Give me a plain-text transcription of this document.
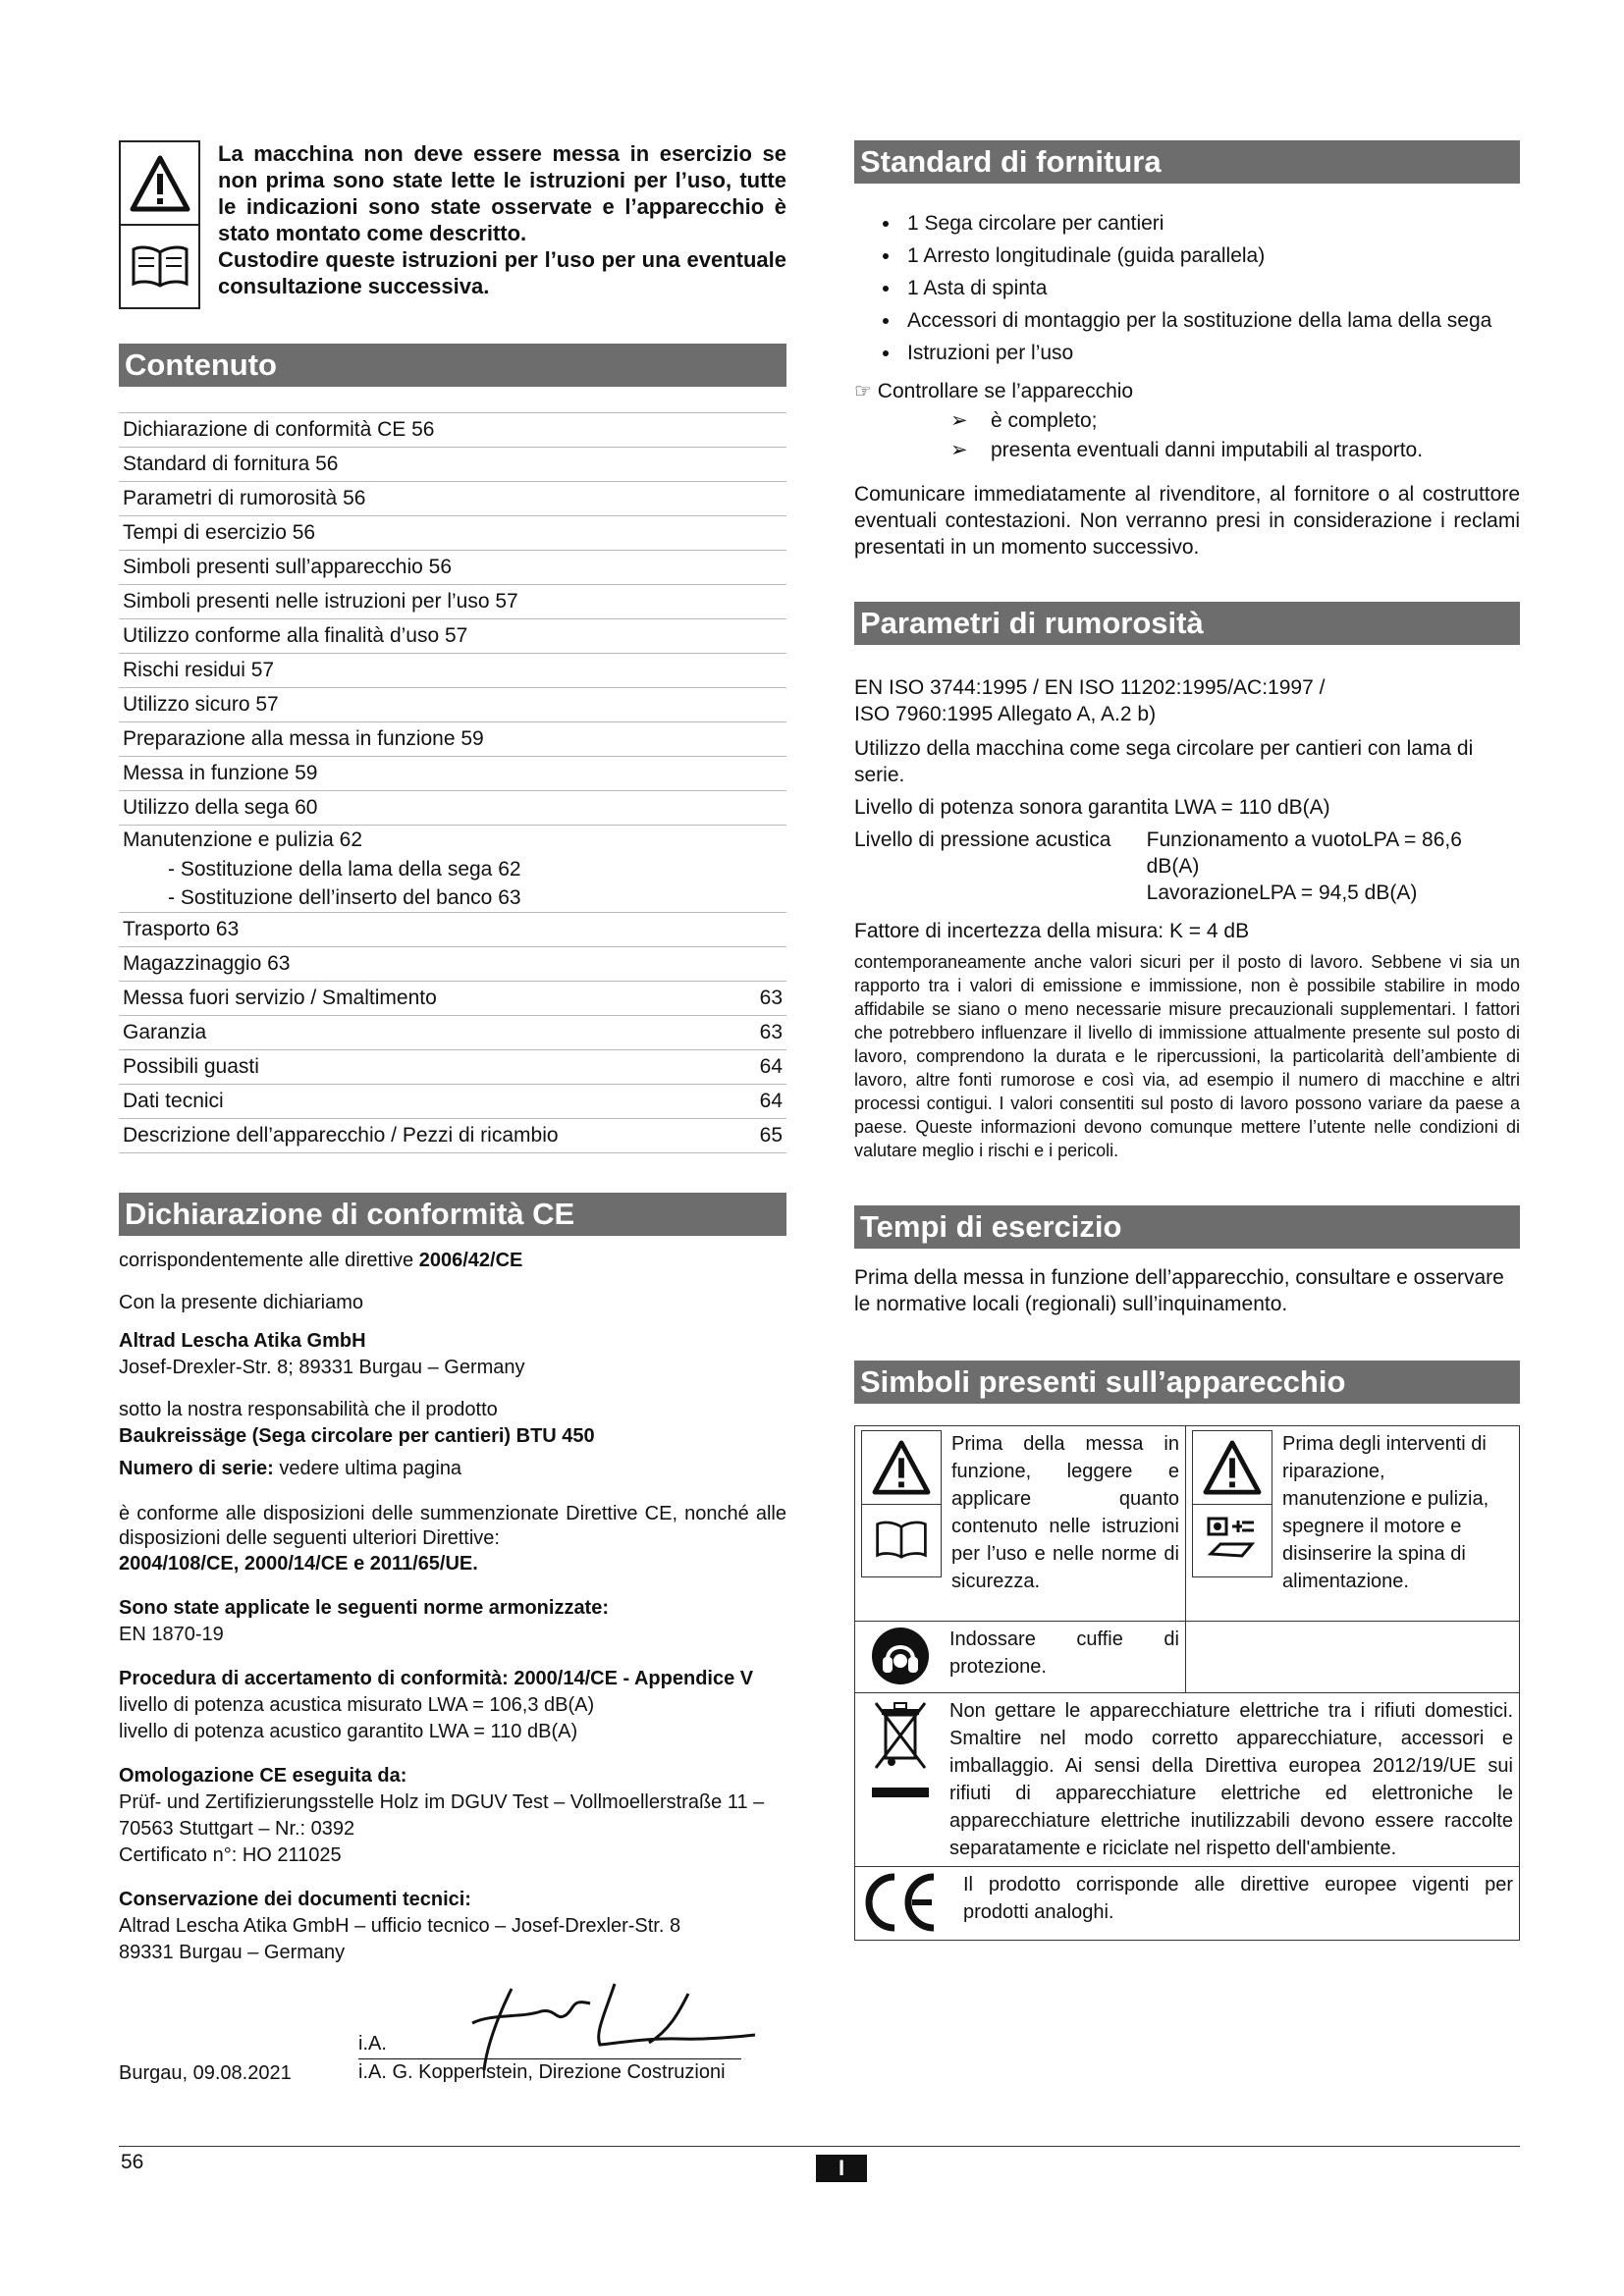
La macchina non deve essere messa in esercizio se non prima sono state lette le istruzioni per l’uso, tutte le indicazioni sono state osservate e l’apparecchio è stato montato come descritto.

Custodire queste istruzioni per l’uso per una eventuale consultazione successiva.

Contenuto
Dichiarazione di conformità CE 56
Standard di fornitura 56
Parametri di rumorosità 56
Tempi di esercizio 56
Simboli presenti sull’apparecchio 56
Simboli presenti nelle istruzioni per l’uso 57
Utilizzo conforme alla finalità d’uso 57
Rischi residui 57
Utilizzo sicuro 57
Preparazione alla messa in funzione 59
Messa in funzione 59
Utilizzo della sega 60
Manutenzione e pulizia 62
- Sostituzione della lama della sega 62
- Sostituzione dell’inserto del banco 63
Trasporto 63
Magazzinaggio 63
Messa fuori servizio / Smaltimento	63
Garanzia	63
Possibili guasti	64
Dati tecnici	64
Descrizione dell’apparecchio / Pezzi di ricambio	65
Dichiarazione di conformità CE

corrispondentemente alle direttive 2006/42/CE

Con la presente dichiariamo

Altrad Lescha Atika GmbH

Josef-Drexler-Str. 8; 89331 Burgau – Germany

sotto la nostra responsabilità che il prodotto

Baukreissäge (Sega circolare per cantieri) BTU 450

Numero di serie: vedere ultima pagina

è conforme alle disposizioni delle summenzionate Direttive CE, nonché alle disposizioni delle seguenti ulteriori Direttive:

2004/108/CE, 2000/14/CE e 2011/65/UE.

Sono state applicate le seguenti norme armonizzate:

EN 1870-19

Procedura di accertamento di conformità: 2000/14/CE - Appendice V

livello di potenza acustica misurato LWA = 106,3 dB(A)

livello di potenza acustico garantito LWA = 110 dB(A)

Omologazione CE eseguita da:

Prüf- und Zertifizierungsstelle Holz im DGUV Test – Vollmoellerstraße 11 –

70563 Stuttgart – Nr.: 0392

Certificato n°: HO 211025

Conservazione dei documenti tecnici:

Altrad Lescha Atika GmbH – ufficio tecnico – Josef-Drexler-Str. 8

89331 Burgau – Germany

i.A.
Burgau, 09.08.2021	i.A. G. Koppenstein, Direzione Costruzioni
Standard di fornitura
• 1 Sega circolare per cantieri
• 1 Arresto longitudinale (guida parallela)
• 1 Asta di spinta
• Accessori di montaggio per la sostituzione della lama della sega
• Istruzioni per l’uso

☞ Controllare se l’apparecchio

➢ è completo;

➢ presenta eventuali danni imputabili al trasporto.

Comunicare immediatamente al rivenditore, al fornitore o al costruttore eventuali contestazioni. Non verranno presi in considerazione i reclami presentati in un momento successivo.

Parametri di rumorosità

EN ISO 3744:1995 / EN ISO 11202:1995/AC:1997 /

ISO 7960:1995 Allegato A, A.2 b)

Utilizzo della macchina come sega circolare per cantieri con lama di serie.

Livello di potenza sonora garantita LWA = 110 dB(A)

Livello di pressione acustica	Funzionamento a vuotoLPA = 86,6 dB(A)
LavorazioneLPA = 94,5 dB(A)

Fattore di incertezza della misura: K = 4 dB

contemporaneamente anche valori sicuri per il posto di lavoro. Sebbene vi sia un rapporto tra i valori di emissione e immissione, non è possibile stabilire in modo affidabile se siano o meno necessarie misure precauzionali supplementari. I fattori che potrebbero influenzare il livello di immissione attualmente presente sul posto di lavoro, comprendono la durata e le ripercussioni, la particolarità dell’ambiente di lavoro, altre fonti rumorose e così via, ad esempio il numero di macchine e altri processi contigui. I valori consentiti sul posto di lavoro possono variare da paese a paese. Queste informazioni devono comunque mettere l’utente nelle condizioni di valutare meglio i rischi e i pericoli.

Tempi di esercizio

Prima della messa in funzione dell’apparecchio, consultare e osservare le normative locali (regionali) sull’inquinamento.

Simboli presenti sull’apparecchio
Prima della messa in funzione, leggere e applicare quanto contenuto nelle istruzioni per l’uso e nelle norme di sicurezza.
Prima degli interventi di riparazione, manutenzione e pulizia, spegnere il motore e disinserire la spina di alimentazione.
Indossare cuffie di protezione.
Non gettare le apparecchiature elettriche tra i rifiuti domestici. Smaltire nel modo corretto apparecchiature, accessori e imballaggio. Ai sensi della Direttiva europea 2012/19/UE sui rifiuti di apparecchiature elettriche ed elettroniche le apparecchiature elettriche inutilizzabili devono essere raccolte separatamente e riciclate nel rispetto dell'ambiente.
Il prodotto corrisponde alle direttive europee vigenti per prodotti analoghi.
56	I
